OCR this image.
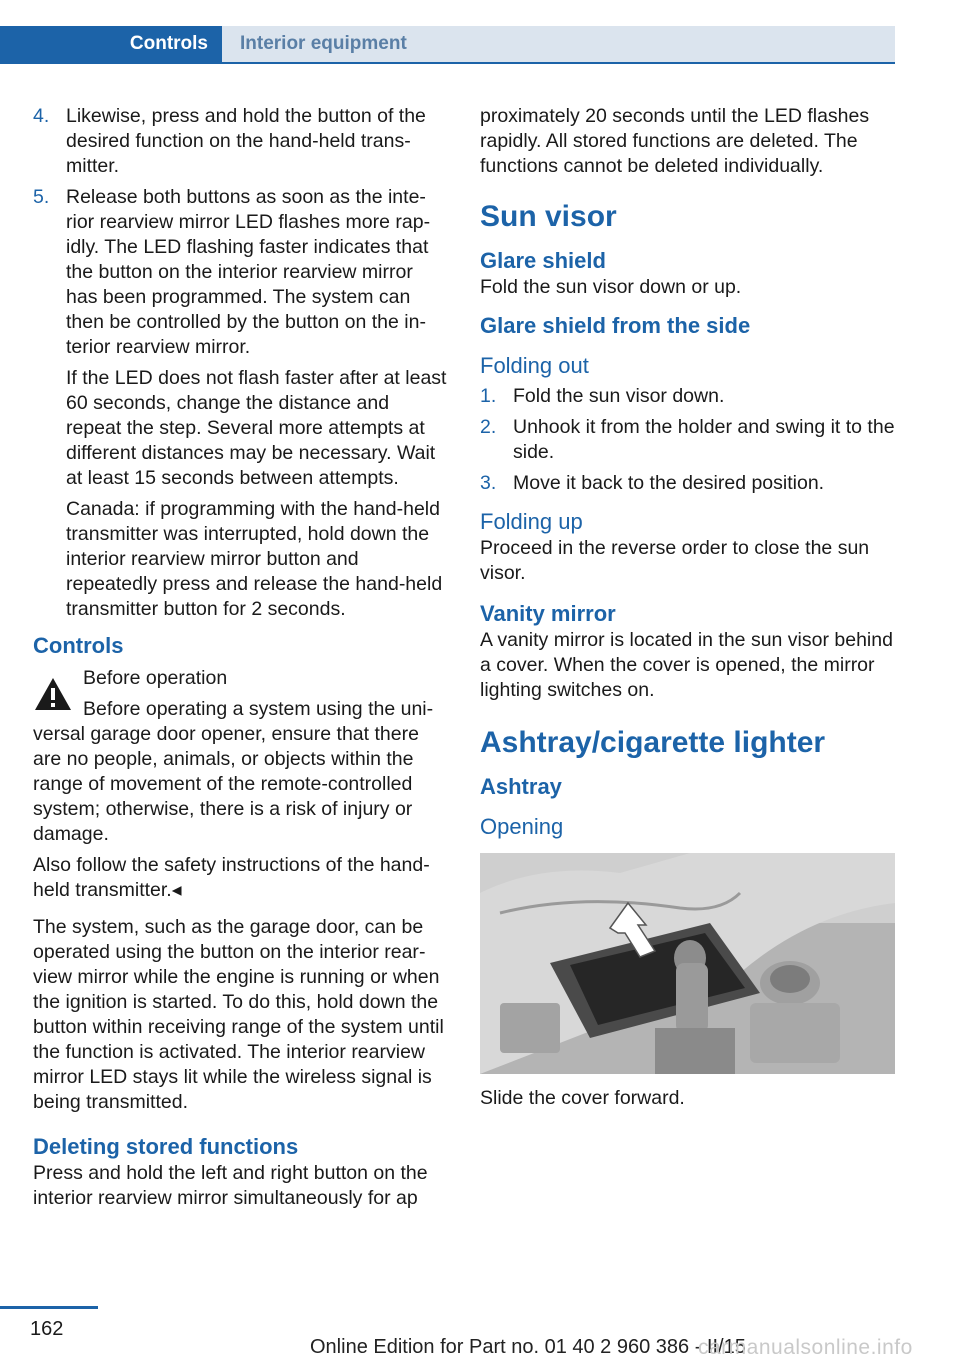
Controls	Interior equipment
4. Likewise, press and hold the button of the desired function on the hand-held transmitter.

5. Release both buttons as soon as the interior rearview mirror LED flashes more rapidly. The LED flashing faster indicates that the button on the interior rearview mirror has been programmed. The system can then be controlled by the button on the interior rearview mirror.

If the LED does not flash faster after at least 60 seconds, change the distance and repeat the step. Several more attempts at different distances may be necessary. Wait at least 15 seconds between attempts.

Canada: if programming with the hand-held transmitter was interrupted, hold down the interior rearview mirror button and repeatedly press and release the hand-held transmitter button for 2 seconds.

Controls
Before operation

Before operating a system using the universal garage door opener, ensure that there are no people, animals, or objects within the range of movement of the remote-controlled system; otherwise, there is a risk of injury or damage.

Also follow the safety instructions of the hand-held transmitter.◂

The system, such as the garage door, can be operated using the button on the interior rearview mirror while the engine is running or when the ignition is started. To do this, hold down the button within receiving range of the system until the function is activated. The interior rearview mirror LED stays lit while the wireless signal is being transmitted.

Deleting stored functions

Press and hold the left and right button on the interior rearview mirror simultaneously for ap

proximately 20 seconds until the LED flashes rapidly. All stored functions are deleted. The functions cannot be deleted individually.

Sun visor
Glare shield

Fold the sun visor down or up.

Glare shield from the side
Folding out
1. Fold the sun visor down.

2. Unhook it from the holder and swing it to the side.

3. Move it back to the desired position.

Folding up

Proceed in the reverse order to close the sun visor.

Vanity mirror

A vanity mirror is located in the sun visor behind a cover. When the cover is opened, the mirror lighting switches on.

Ashtray/cigarette lighter
Ashtray
Opening

Slide the cover forward.

162
Online Edition for Part no. 01 40 2 960 386 - II/15
carmanualsonline.info
